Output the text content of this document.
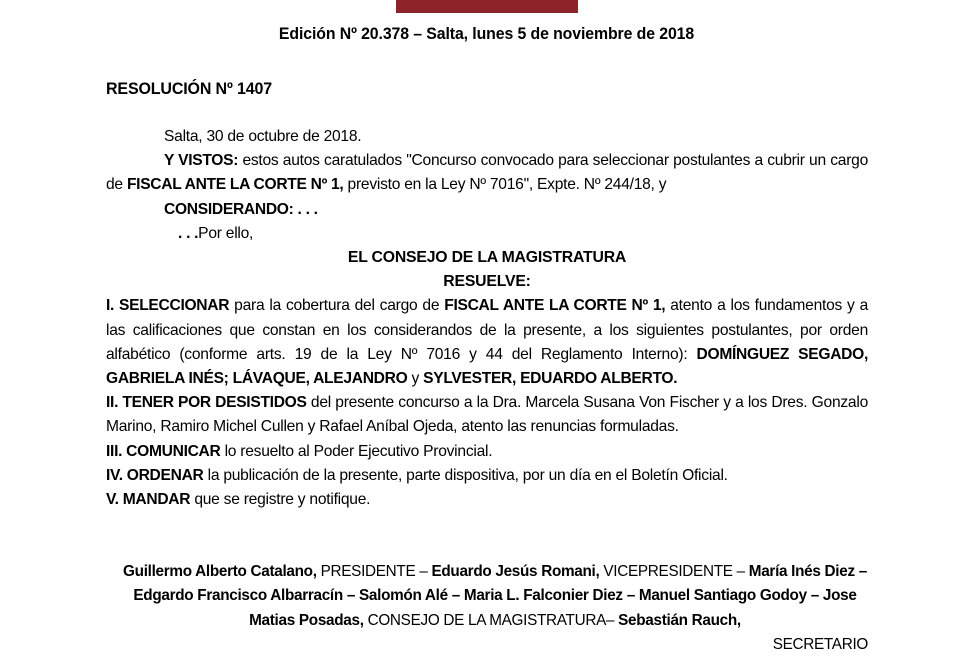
Edición Nº 20.378 – Salta, lunes 5 de noviembre de 2018
RESOLUCIÓN Nº 1407

Salta, 30 de octubre de 2018.

Y VISTOS: estos autos caratulados "Concurso convocado para seleccionar postulantes a cubrir un cargo de FISCAL ANTE LA CORTE Nº 1, previsto en la Ley Nº 7016", Expte. Nº 244/18, y

CONSIDERANDO: . . .

. . .Por ello,

EL CONSEJO DE LA MAGISTRATURA

RESUELVE:

I. SELECCIONAR para la cobertura del cargo de FISCAL ANTE LA CORTE Nº 1, atento a los fundamentos y a las calificaciones que constan en los considerandos de la presente, a los siguientes postulantes, por orden alfabético (conforme arts. 19 de la Ley Nº 7016 y 44 del Reglamento Interno): DOMÍNGUEZ SEGADO, GABRIELA INÉS; LÁVAQUE, ALEJANDRO y SYLVESTER, EDUARDO ALBERTO.

II. TENER POR DESISTIDOS del presente concurso a la Dra. Marcela Susana Von Fischer y a los Dres. Gonzalo Marino, Ramiro Michel Cullen y Rafael Aníbal Ojeda, atento las renuncias formuladas.

III. COMUNICAR lo resuelto al Poder Ejecutivo Provincial.

IV. ORDENAR la publicación de la presente, parte dispositiva, por un día en el Boletín Oficial.

V. MANDAR que se registre y notifique.

Guillermo Alberto Catalano, PRESIDENTE – Eduardo Jesús Romani, VICEPRESIDENTE – María Inés Diez – Edgardo Francisco Albarracín – Salomón Alé – Maria L. Falconier Diez – Manuel Santiago Godoy – Jose Matias Posadas, CONSEJO DE LA MAGISTRATURA– Sebastián Rauch,
SECRETARIO
